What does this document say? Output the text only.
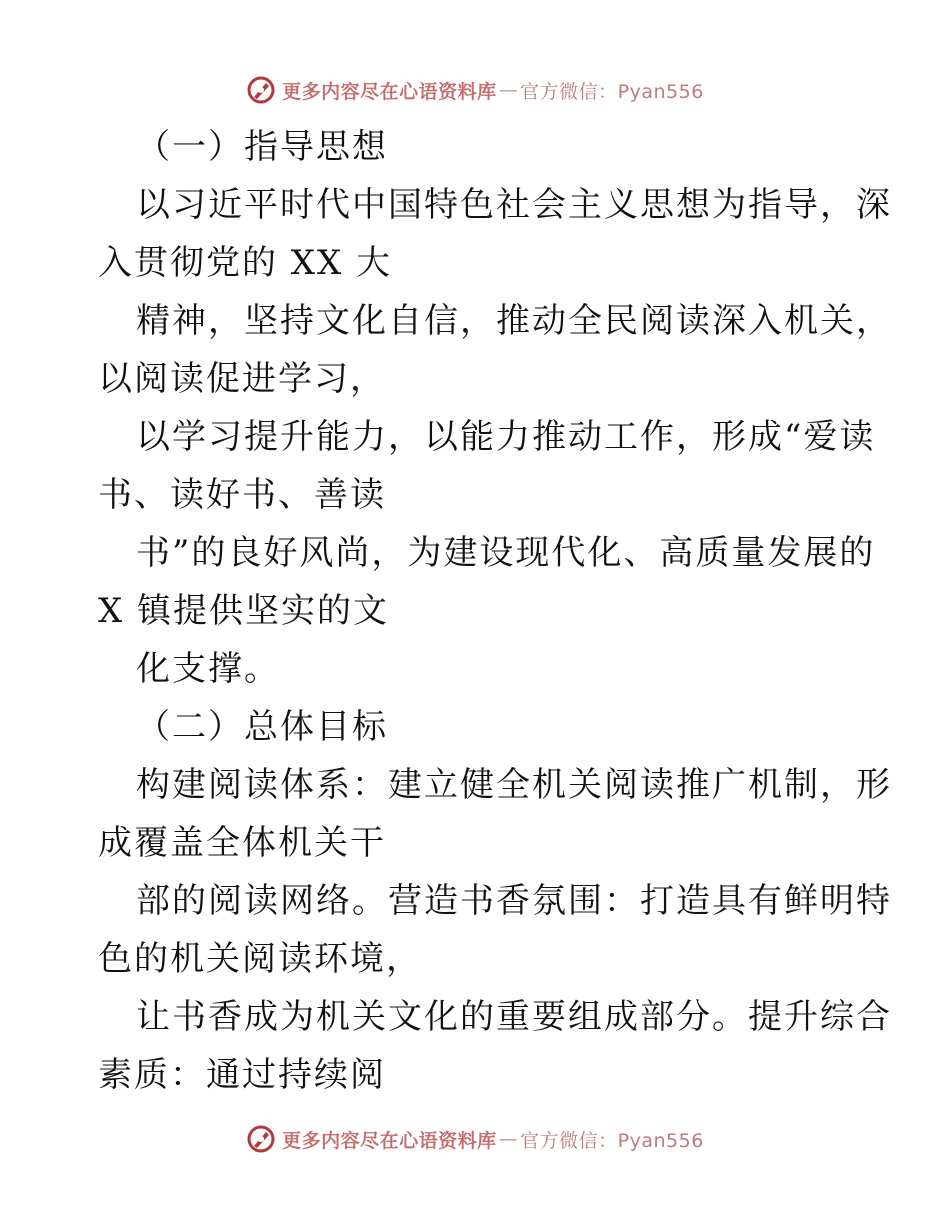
更多内容尽在心语资料库 — 官方微信：Pyan556
（一）指导思想
以习近平时代中国特色社会主义思想为指导，深
入贯彻党的 XX 大
精神，坚持文化自信，推动全民阅读深入机关，
以阅读促进学习，
以学习提升能力，以能力推动工作，形成“爱读
书、读好书、善读
书”的良好风尚，为建设现代化、高质量发展的
X 镇提供坚实的文
化支撑。
（二）总体目标
构建阅读体系：建立健全机关阅读推广机制，形
成覆盖全体机关干
部的阅读网络。营造书香氛围：打造具有鲜明特
色的机关阅读环境，
让书香成为机关文化的重要组成部分。提升综合
素质：通过持续阅
更多内容尽在心语资料库 — 官方微信：Pyan556
